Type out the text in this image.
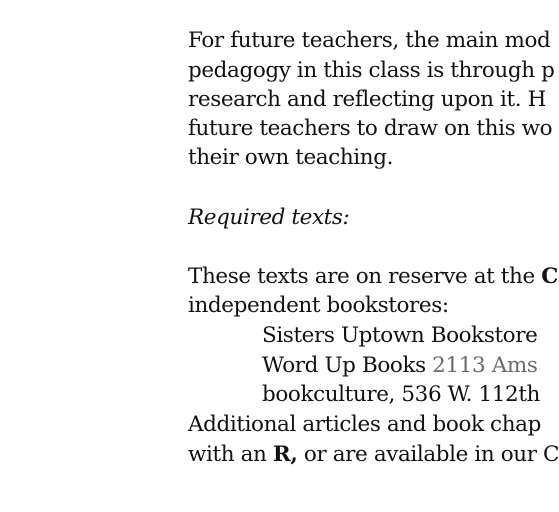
For future teachers, the main mod
pedagogy in this class is through p
research and reflecting upon it. H
future teachers to draw on this wo
their own teaching.
Required texts:
These texts are on reserve at the C
independent bookstores:
Sisters Uptown Bookstore
Word Up Books 2113 Ams
bookculture, 536 W. 112th
Additional articles and book chap
with an R, or are available in our C
